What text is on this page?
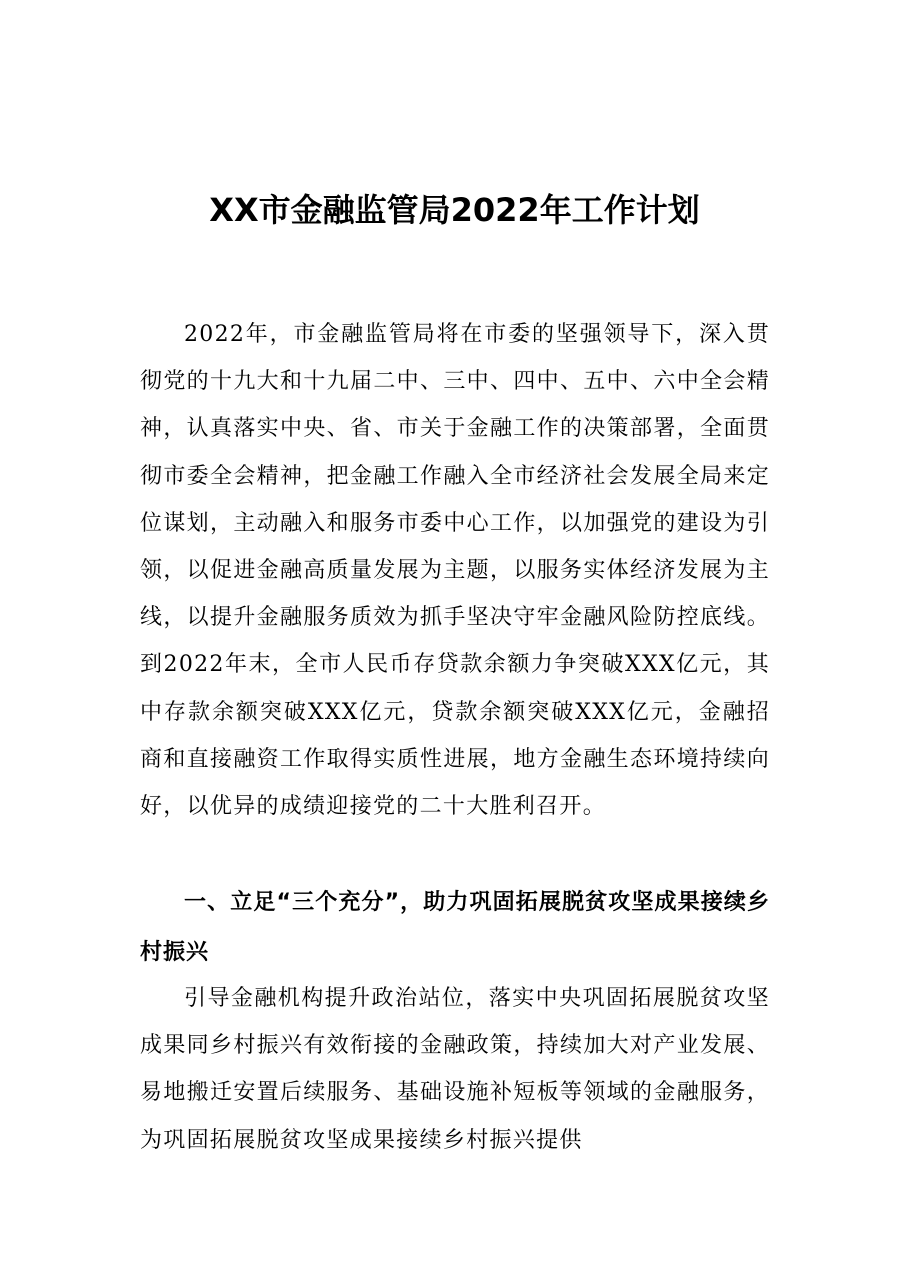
XX市金融监管局2022年工作计划

2022年，市金融监管局将在市委的坚强领导下，深入贯彻党的十九大和十九届二中、三中、四中、五中、六中全会精神，认真落实中央、省、市关于金融工作的决策部署，全面贯彻市委全会精神，把金融工作融入全市经济社会发展全局来定位谋划，主动融入和服务市委中心工作，以加强党的建设为引领，以促进金融高质量发展为主题，以服务实体经济发展为主线，以提升金融服务质效为抓手坚决守牢金融风险防控底线。到2022年末，全市人民币存贷款余额力争突破XXX亿元，其中存款余额突破XXX亿元，贷款余额突破XXX亿元，金融招商和直接融资工作取得实质性进展，地方金融生态环境持续向好，以优异的成绩迎接党的二十大胜利召开。

一、立足“三个充分”，助力巩固拓展脱贫攻坚成果接续乡村振兴

引导金融机构提升政治站位，落实中央巩固拓展脱贫攻坚成果同乡村振兴有效衔接的金融政策，持续加大对产业发展、易地搬迁安置后续服务、基础设施补短板等领域的金融服务，为巩固拓展脱贫攻坚成果接续乡村振兴提供
